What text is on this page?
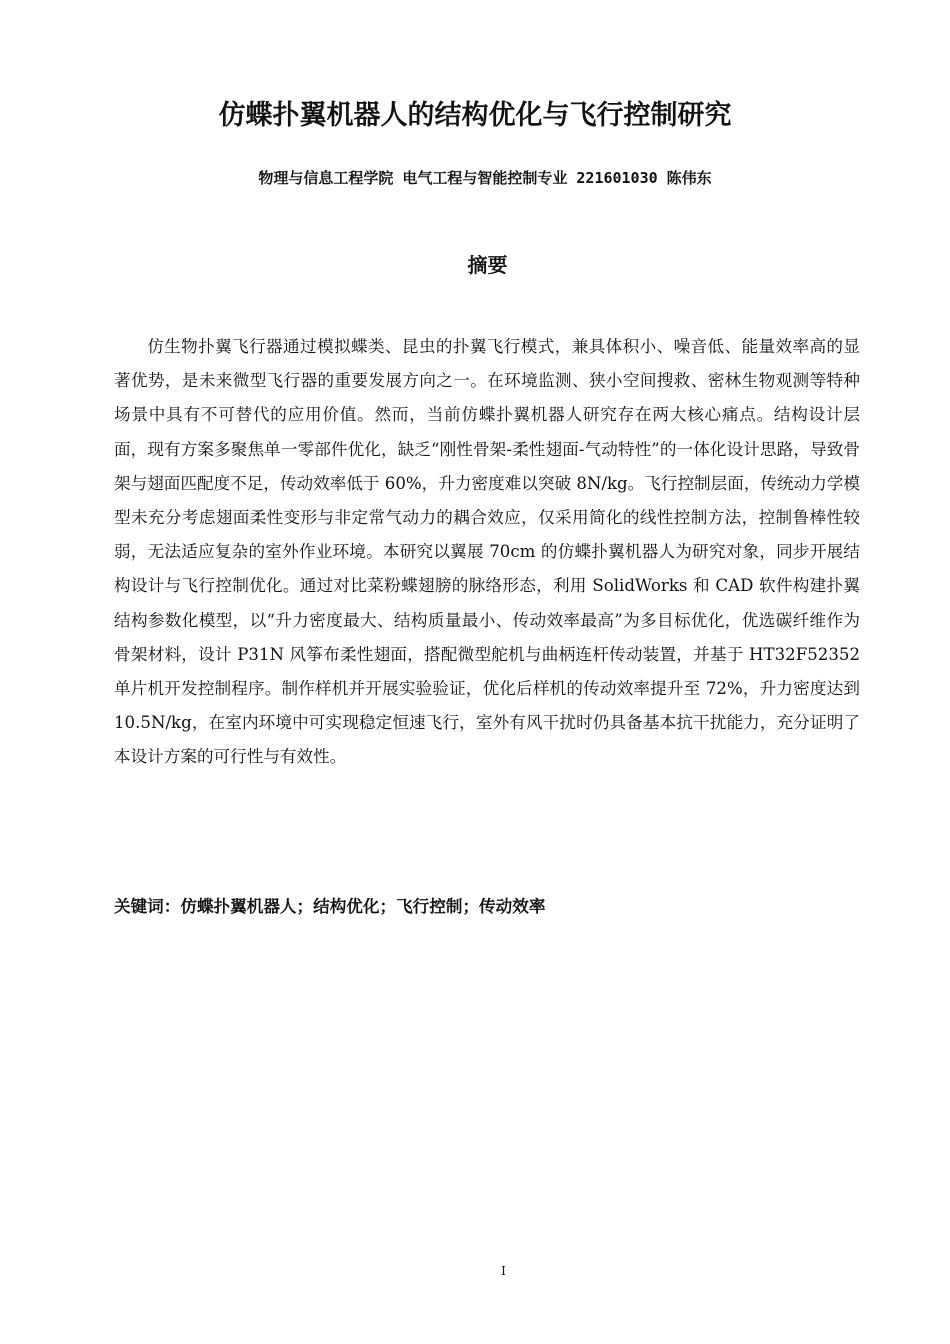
仿蝶扑翼机器人的结构优化与飞行控制研究
物理与信息工程学院 电气工程与智能控制专业 221601030 陈伟东
摘要

仿生物扑翼飞行器通过模拟蝶类、昆虫的扑翼飞行模式，兼具体积小、噪音低、能量效率高的显著优势，是未来微型飞行器的重要发展方向之一。在环境监测、狭小空间搜救、密林生物观测等特种场景中具有不可替代的应用价值。然而，当前仿蝶扑翼机器人研究存在两大核心痛点。结构设计层面，现有方案多聚焦单一零部件优化，缺乏“刚性骨架-柔性翅面-气动特性”的一体化设计思路，导致骨架与翅面匹配度不足，传动效率低于 60%，升力密度难以突破 8N/kg。飞行控制层面，传统动力学模型未充分考虑翅面柔性变形与非定常气动力的耦合效应，仅采用简化的线性控制方法，控制鲁棒性较弱，无法适应复杂的室外作业环境。本研究以翼展 70cm 的仿蝶扑翼机器人为研究对象，同步开展结构设计与飞行控制优化。通过对比菜粉蝶翅膀的脉络形态，利用 SolidWorks 和 CAD 软件构建扑翼结构参数化模型，以“升力密度最大、结构质量最小、传动效率最高”为多目标优化，优选碳纤维作为骨架材料，设计 P31N 风筝布柔性翅面，搭配微型舵机与曲柄连杆传动装置，并基于 HT32F52352 单片机开发控制程序。制作样机并开展实验验证，优化后样机的传动效率提升至 72%，升力密度达到 10.5N/kg，在室内环境中可实现稳定恒速飞行，室外有风干扰时仍具备基本抗干扰能力，充分证明了本设计方案的可行性与有效性。

关键词：仿蝶扑翼机器人；结构优化；飞行控制；传动效率
I
